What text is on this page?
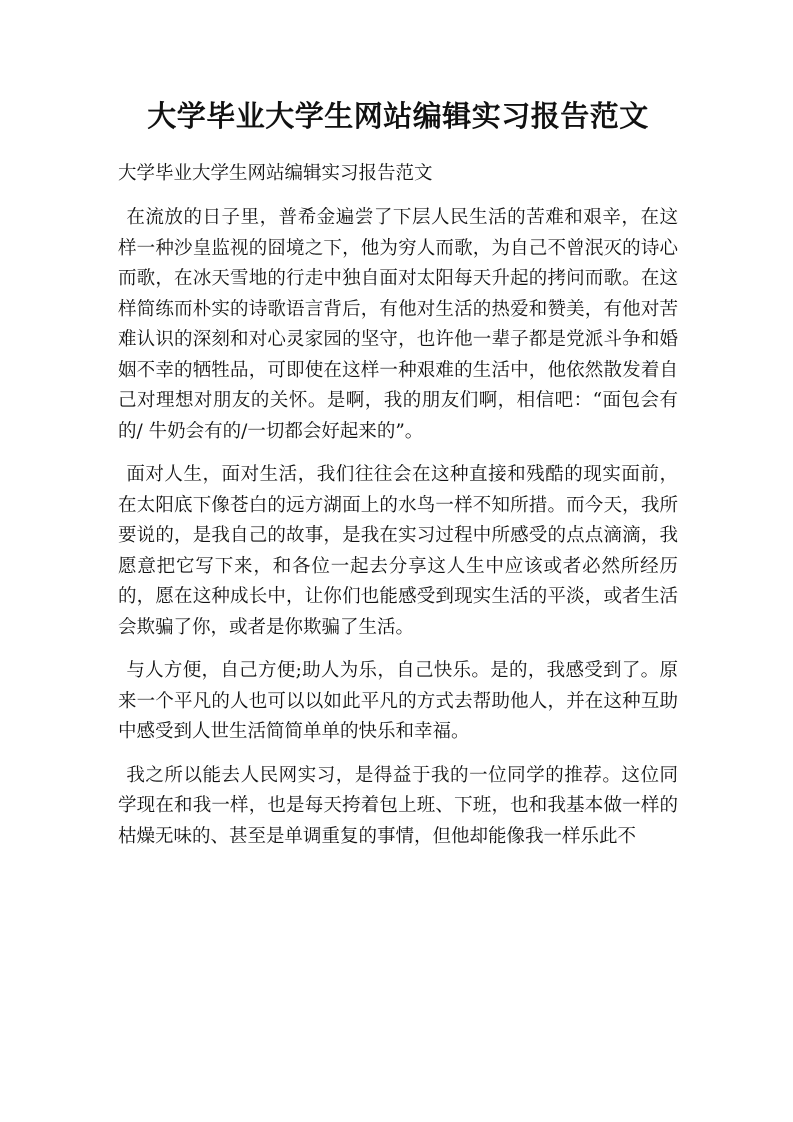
大学毕业大学生网站编辑实习报告范文

大学毕业大学生网站编辑实习报告范文

在流放的日子里，普希金遍尝了下层人民生活的苦难和艰辛，在这样一种沙皇监视的囧境之下，他为穷人而歌，为自己不曾泯灭的诗心而歌，在冰天雪地的行走中独自面对太阳每天升起的拷问而歌。在这样简练而朴实的诗歌语言背后，有他对生活的热爱和赞美，有他对苦难认识的深刻和对心灵家园的坚守，也许他一辈子都是党派斗争和婚姻不幸的牺牲品，可即使在这样一种艰难的生活中，他依然散发着自己对理想对朋友的关怀。是啊，我的朋友们啊，相信吧：“面包会有的/ 牛奶会有的/一切都会好起来的”。

面对人生，面对生活，我们往往会在这种直接和残酷的现实面前，在太阳底下像苍白的远方湖面上的水鸟一样不知所措。而今天，我所要说的，是我自己的故事，是我在实习过程中所感受的点点滴滴，我愿意把它写下来，和各位一起去分享这人生中应该或者必然所经历的，愿在这种成长中，让你们也能感受到现实生活的平淡，或者生活会欺骗了你，或者是你欺骗了生活。

与人方便，自己方便;助人为乐，自己快乐。是的，我感受到了。原来一个平凡的人也可以以如此平凡的方式去帮助他人，并在这种互助中感受到人世生活简简单单的快乐和幸福。

我之所以能去人民网实习，是得益于我的一位同学的推荐。这位同学现在和我一样，也是每天挎着包上班、下班，也和我基本做一样的枯燥无味的、甚至是单调重复的事情，但他却能像我一样乐此不
